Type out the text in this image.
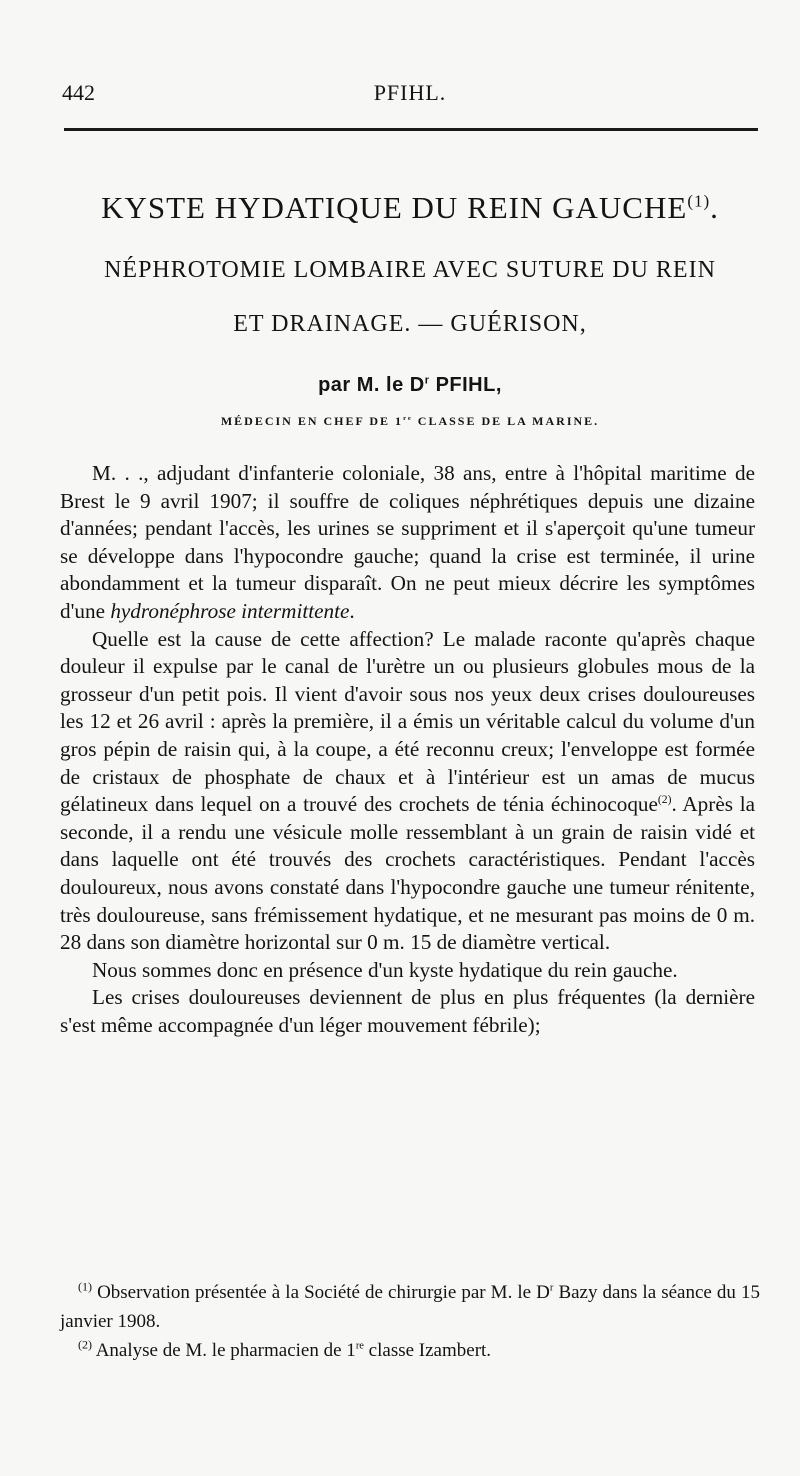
442	PFIHL.
KYSTE HYDATIQUE DU REIN GAUCHE$^{(1)}$.
NÉPHROTOMIE LOMBAIRE AVEC SUTURE DU REIN
ET DRAINAGE. — GUÉRISON,
par M. le $D^r$ PFIHL,
MÉDECIN EN CHEF DE 1re CLASSE DE LA MARINE.

M. . ., adjudant d'infanterie coloniale, 38 ans, entre à l'hôpital maritime de Brest le 9 avril 1907; il souffre de coliques néphrétiques depuis une dizaine d'années; pendant l'accès, les urines se suppriment et il s'aperçoit qu'une tumeur se développe dans l'hypocondre gauche; quand la crise est terminée, il urine abondamment et la tumeur disparaît. On ne peut mieux décrire les symptômes d'une hydronéphrose intermittente.

Quelle est la cause de cette affection? Le malade raconte qu'après chaque douleur il expulse par le canal de l'urètre un ou plusieurs globules mous de la grosseur d'un petit pois. Il vient d'avoir sous nos yeux deux crises douloureuses les 12 et 26 avril : après la première, il a émis un véritable calcul du volume d'un gros pépin de raisin qui, à la coupe, a été reconnu creux; l'enveloppe est formée de cristaux de phosphate de chaux et à l'intérieur est un amas de mucus gélatineux dans lequel on a trouvé des crochets de ténia échinocoque$^{(2)}$. Après la seconde, il a rendu une vésicule molle ressemblant à un grain de raisin vidé et dans laquelle ont été trouvés des crochets caractéristiques. Pendant l'accès douloureux, nous avons constaté dans l'hypocondre gauche une tumeur rénitente, très douloureuse, sans frémissement hydatique, et ne mesurant pas moins de 0 m. 28 dans son diamètre horizontal sur 0 m. 15 de diamètre vertical.

Nous sommes donc en présence d'un kyste hydatique du rein gauche.

Les crises douloureuses deviennent de plus en plus fréquentes (la dernière s'est même accompagnée d'un léger mouvement fébrile);

$^{(1)}$ Observation présentée à la Société de chirurgie par M. le $D^r$ Bazy dans la séance du 15 janvier 1908.

$^{(2)}$ Analyse de M. le pharmacien de 1re classe Izambert.
